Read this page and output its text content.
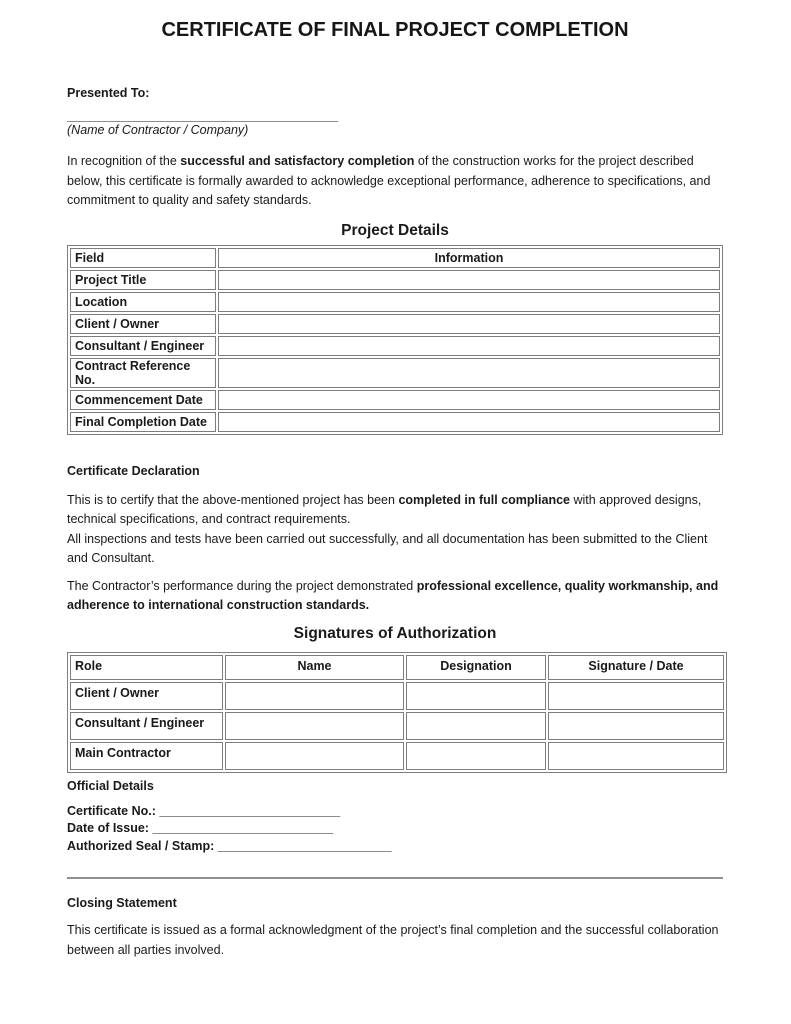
CERTIFICATE OF FINAL PROJECT COMPLETION
Presented To:
_______________________________________
(Name of Contractor / Company)

In recognition of the successful and satisfactory completion of the construction works for the project described below, this certificate is formally awarded to acknowledge exceptional performance, adherence to specifications, and commitment to quality and safety standards.

Project Details
Field	Information
Project Title	
Location	
Client / Owner	
Consultant / Engineer	
Contract Reference No.	
Commencement Date	
Final Completion Date	
Certificate Declaration

This is to certify that the above-mentioned project has been completed in full compliance with approved designs, technical specifications, and contract requirements.
All inspections and tests have been carried out successfully, and all documentation has been submitted to the Client and Consultant.

The Contractor’s performance during the project demonstrated professional excellence, quality workmanship, and adherence to international construction standards.

Signatures of Authorization
Role	Name	Designation	Signature / Date
Client / Owner			
Consultant / Engineer			
Main Contractor			
Official Details
Certificate No.: __________________________
Date of Issue: __________________________
Authorized Seal / Stamp: _________________________
Closing Statement

This certificate is issued as a formal acknowledgment of the project’s final completion and the successful collaboration between all parties involved.
